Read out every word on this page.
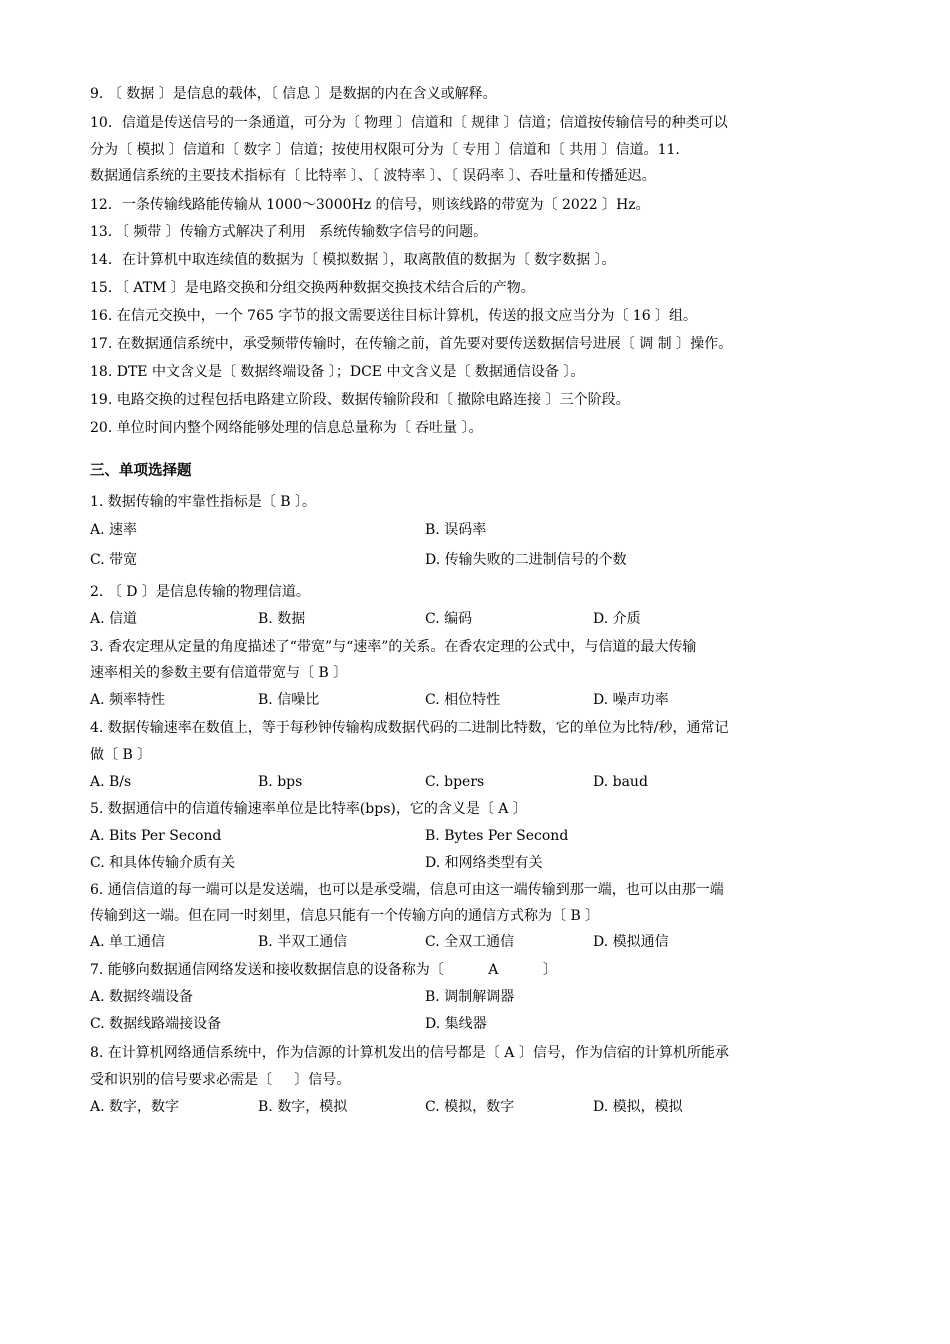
9. 〔 数据 〕是信息的载体，〔 信息 〕是数据的内在含义或解释。
10．信道是传送信号的一条通道，可分为〔 物理 〕信道和〔 规律 〕信道；信道按传输信号的种类可以
分为〔 模拟 〕信道和〔 数字 〕信道；按使用权限可分为〔 专用 〕信道和〔 共用 〕信道。11.
数据通信系统的主要技术指标有〔 比特率 〕、〔 波特率 〕、〔 误码率 〕、吞吐量和传播延迟。
12．一条传输线路能传输从 1000～3000Hz 的信号，则该线路的带宽为〔 2022 〕Hz。
13．〔 频带 〕传输方式解决了利用   系统传输数字信号的问题。
14．在计算机中取连续值的数据为〔 模拟数据 〕，取离散值的数据为〔 数字数据 〕。
15．〔 ATM 〕是电路交换和分组交换两种数据交换技术结合后的产物。
16. 在信元交换中，一个 765 字节的报文需要送往目标计算机，传送的报文应当分为〔 16 〕组。
17. 在数据通信系统中，承受频带传输时，在传输之前，首先要对要传送数据信号进展〔 调 制 〕操作。
18. DTE 中文含义是〔 数据终端设备 〕；DCE 中文含义是〔 数据通信设备 〕。
19. 电路交换的过程包括电路建立阶段、数据传输阶段和〔 撤除电路连接 〕三个阶段。
20. 单位时间内整个网络能够处理的信息总量称为〔 吞吐量 〕。
三、单项选择题
1. 数据传输的牢靠性指标是〔 B 〕。
A. 速率	B. 误码率
C. 带宽	D. 传输失败的二进制信号的个数
2. 〔 D 〕是信息传输的物理信道。
A. 信道	B. 数据	C. 编码	D. 介质
3. 香农定理从定量的角度描述了“带宽”与“速率”的关系。在香农定理的公式中，与信道的最大传输
速率相关的参数主要有信道带宽与〔 B 〕
A. 频率特性	B. 信噪比	C. 相位特性	D. 噪声功率
4. 数据传输速率在数值上，等于每秒钟传输构成数据代码的二进制比特数，它的单位为比特/秒，通常记
做〔 B 〕
A. B/s	B. bps	C. bpers	D. baud
5. 数据通信中的信道传输速率单位是比特率(bps)，它的含义是〔 A 〕
A. Bits Per Second	B. Bytes Per Second
C. 和具体传输介质有关	D. 和网络类型有关
6. 通信信道的每一端可以是发送端，也可以是承受端，信息可由这一端传输到那一端，也可以由那一端
传输到这一端。但在同一时刻里，信息只能有一个传输方向的通信方式称为〔 B 〕
A. 单工通信	B. 半双工通信	C. 全双工通信	D. 模拟通信
7. 能够向数据通信网络发送和接收数据信息的设备称为〔          A          〕
A. 数据终端设备	B. 调制解调器
C. 数据线路端接设备	D. 集线器
8. 在计算机网络通信系统中，作为信源的计算机发出的信号都是〔 A 〕信号，作为信宿的计算机所能承
受和识别的信号要求必需是〔     〕信号。
A. 数字，数字	B. 数字，模拟	C. 模拟，数字	D. 模拟，模拟
